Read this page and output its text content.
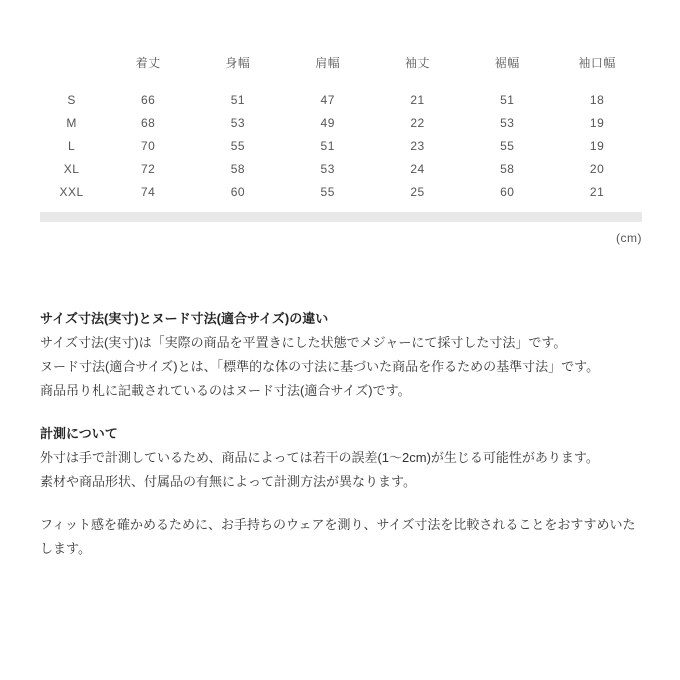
	着丈	身幅	肩幅	袖丈	裾幅	袖口幅
S	66	51	47	21	51	18
M	68	53	49	22	53	19
L	70	55	51	23	55	19
XL	72	58	53	24	58	20
XXL	74	60	55	25	60	21
(cm)
サイズ寸法(実寸)とヌード寸法(適合サイズ)の違い
サイズ寸法(実寸)は「実際の商品を平置きにした状態でメジャーにて採寸した寸法」です。
ヌード寸法(適合サイズ)とは、「標準的な体の寸法に基づいた商品を作るための基準寸法」です。
商品吊り札に記載されているのはヌード寸法(適合サイズ)です。
計測について
外寸は手で計測しているため、商品によっては若干の誤差(1〜2cm)が生じる可能性があります。
素材や商品形状、付属品の有無によって計測方法が異なります。
フィット感を確かめるために、お手持ちのウェアを測り、サイズ寸法を比較されることをおすすめいたします。
